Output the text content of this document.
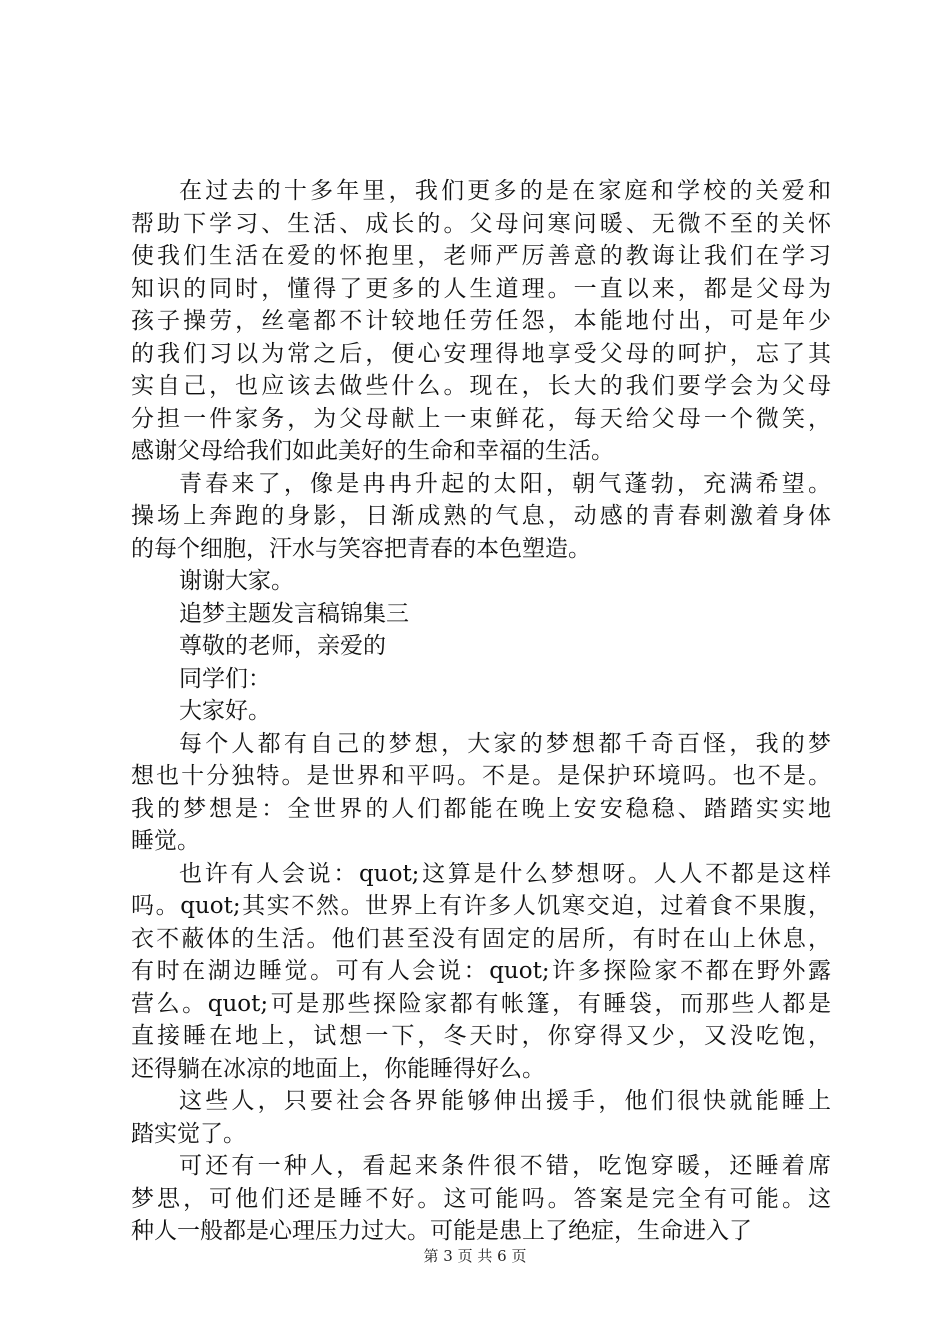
在过去的十多年里，我们更多的是在家庭和学校的关爱和
帮助下学习、生活、成长的。父母问寒问暖、无微不至的关怀
使我们生活在爱的怀抱里，老师严厉善意的教诲让我们在学习
知识的同时，懂得了更多的人生道理。一直以来，都是父母为
孩子操劳，丝毫都不计较地任劳任怨，本能地付出，可是年少
的我们习以为常之后，便心安理得地享受父母的呵护，忘了其
实自己，也应该去做些什么。现在，长大的我们要学会为父母
分担一件家务，为父母献上一束鲜花，每天给父母一个微笑，
感谢父母给我们如此美好的生命和幸福的生活。
青春来了，像是冉冉升起的太阳，朝气蓬勃，充满希望。
操场上奔跑的身影，日渐成熟的气息，动感的青春刺激着身体
的每个细胞，汗水与笑容把青春的本色塑造。
谢谢大家。
追梦主题发言稿锦集三
尊敬的老师，亲爱的
同学们：
大家好。
每个人都有自己的梦想，大家的梦想都千奇百怪，我的梦
想也十分独特。是世界和平吗。不是。是保护环境吗。也不是。
我的梦想是：全世界的人们都能在晚上安安稳稳、踏踏实实地
睡觉。
也许有人会说：quot;这算是什么梦想呀。人人不都是这样
吗。quot;其实不然。世界上有许多人饥寒交迫，过着食不果腹，
衣不蔽体的生活。他们甚至没有固定的居所，有时在山上休息，
有时在湖边睡觉。可有人会说：quot;许多探险家不都在野外露
营么。quot;可是那些探险家都有帐篷，有睡袋，而那些人都是
直接睡在地上，试想一下，冬天时，你穿得又少，又没吃饱，
还得躺在冰凉的地面上，你能睡得好么。
这些人，只要社会各界能够伸出援手，他们很快就能睡上
踏实觉了。
可还有一种人，看起来条件很不错，吃饱穿暖，还睡着席
梦思，可他们还是睡不好。这可能吗。答案是完全有可能。这
种人一般都是心理压力过大。可能是患上了绝症，生命进入了
第 3 页 共 6 页
